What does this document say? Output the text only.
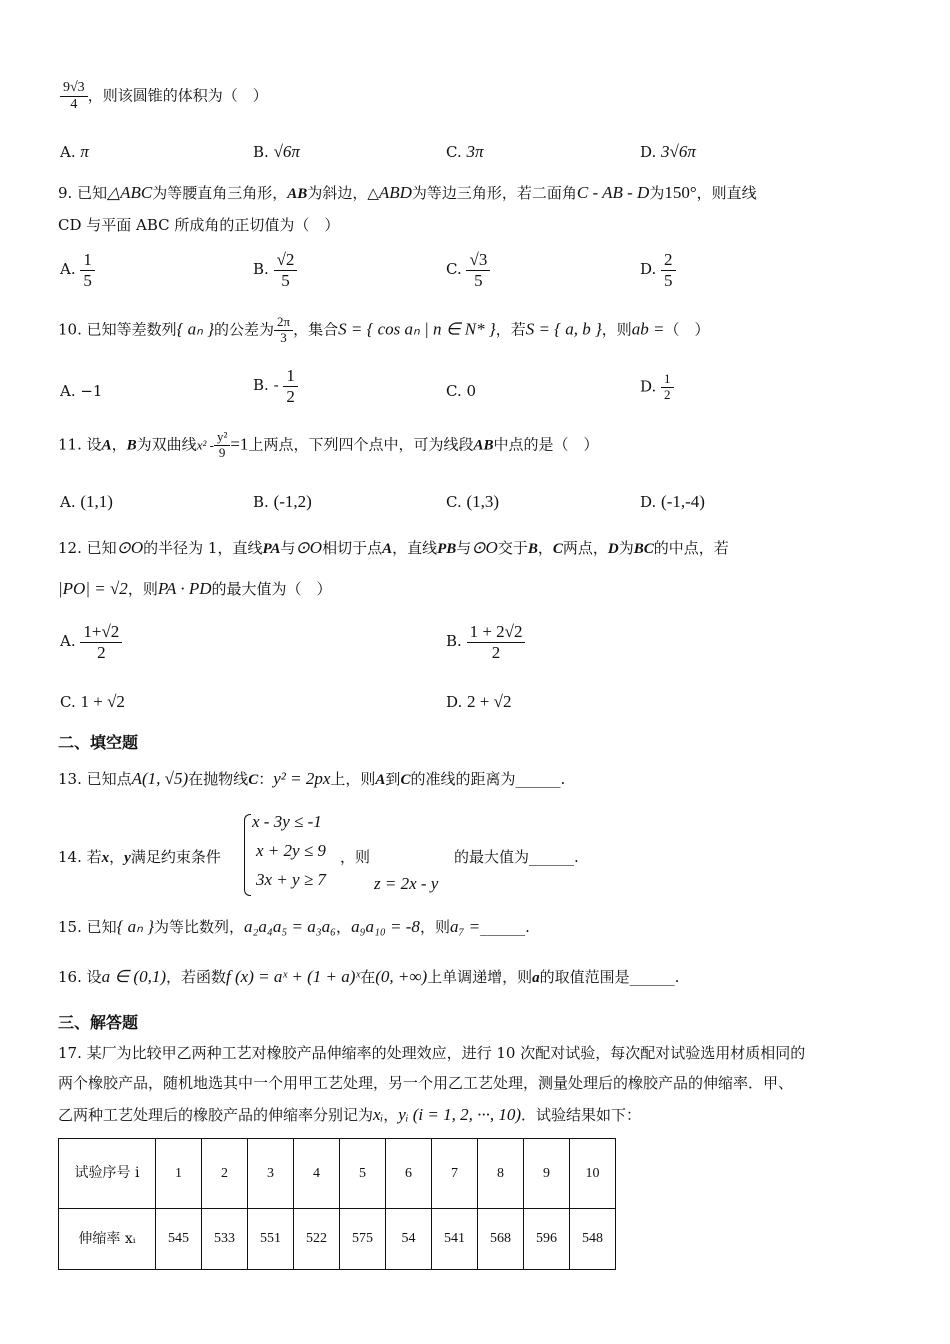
$\frac{9√3}{4}$ ，则该圆锥的体积为（　）
A. π	B. √6π	C. 3π	D. 3√6π
9. 已知△ABC为等腰直角三角形，AB为斜边，△ABD为等边三角形，若二面角C - AB - D为150°，则直线
CD 与平面 ABC 所成角的正切值为（　）
A. $\frac{1}{5}$	B. $\frac{√2}{5}$	C. $\frac{√3}{5}$	D. $\frac{2}{5}$
10. 已知等差数列{ aₙ }的公差为 $\frac{2\pi}{3}$ ，集合S = { cos aₙ | n ∈ N* }，若S = { a, b }，则ab =（　）
A. −1	B. - $\frac{1}{2}$	C. 0	D. $\frac{1}{2}$
11. 设A，B为双曲线$x^2 - \frac{\text{y²}}{9} =1$上两点，下列四个点中，可为线段AB中点的是（　）
A. (1,1)	B. (-1,2)	C. (1,3)	D. (-1,-4)
12. 已知⊙O的半径为 1，直线PA与⊙O相切于点A，直线PB与⊙O交于B，C两点，D为BC的中点，若
|PO| = √2，则PA · PD的最大值为（　）
A. $\frac{1+√2}{2}$	B. $\frac{1 + 2√2}{2}$
C. 1 + √2	D. 2 + √2
二、填空题
13. 已知点A(1, √5)在抛物线C：y² = 2px上，则A到C的准线的距离为______.
14. 若x，y满足约束条件
x - 3y ≤ -1
x + 2y ≤ 9
3x + y ≥ 7
，则
z = 2x - y
的最大值为______.
15. 已知{ aₙ }为等比数列，a₂a₄a₅ = a₃a₆，a₉a₁₀ = -8，则a₇ =______.
16. 设a ∈ (0,1)，若函数f (x) = aˣ + (1 + a)ˣ在(0, +∞)上单调递增，则a的取值范围是______.
三、解答题
17. 某厂为比较甲乙两种工艺对橡胶产品伸缩率的处理效应，进行 10 次配对试验，每次配对试验选用材质相同的
两个橡胶产品，随机地选其中一个用甲工艺处理，另一个用乙工艺处理，测量处理后的橡胶产品的伸缩率．甲、
乙两种工艺处理后的橡胶产品的伸缩率分别记为xᵢ，yᵢ (i = 1, 2, ···, 10)．试验结果如下：
试验序号 i	1	2	3	4	5	6	7	8	9	10
伸缩率 xᵢ	545	533	551	522	575	54	541	568	596	548
